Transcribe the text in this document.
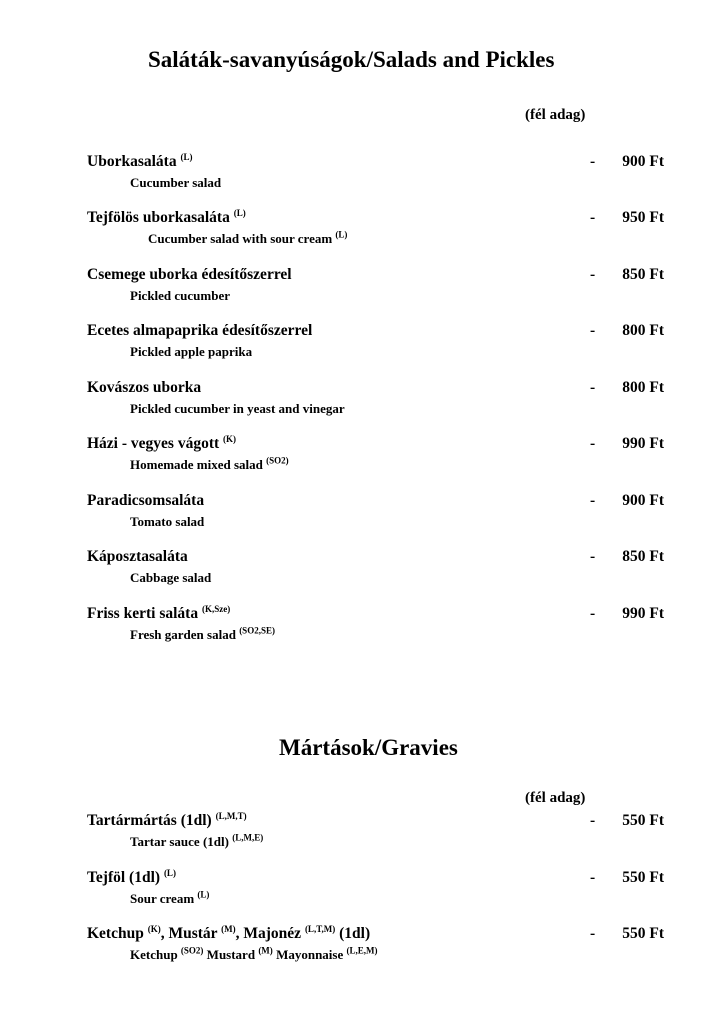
Saláták-savanyúságok/Salads and Pickles
(fél adag)
Uborkasaláta $^{(L)}$
Cucumber salad
-	900 Ft
Tejfölös uborkasaláta $^{(L)}$
Cucumber salad with sour cream $^{(L)}$
-	950 Ft
Csemege uborka édesítőszerrel
Pickled cucumber
-	850 Ft
Ecetes almapaprika édesítőszerrel
Pickled apple paprika
-	800 Ft
Kovászos uborka
Pickled cucumber in yeast and vinegar
-	800 Ft
Házi - vegyes vágott $^{(K)}$
Homemade mixed salad $^{(SO2)}$
-	990 Ft
Paradicsomsaláta
Tomato salad
-	900 Ft
Káposztasaláta
Cabbage salad
-	850 Ft
Friss kerti saláta $^{(K,Sze)}$
Fresh garden salad $^{(SO2,SE)}$
-	990 Ft
Mártások/Gravies
(fél adag)
Tartármártás (1dl) $^{(L,M,T)}$
Tartar sauce (1dl) $^{(L,M,E)}$
-	550 Ft
Tejföl (1dl) $^{(L)}$
Sour cream $^{(L)}$
-	550 Ft
Ketchup $^{(K)}$, Mustár $^{(M)}$, Majonéz $^{(L,T,M)}$ (1dl)
Ketchup $^{(SO2)}$ Mustard $^{(M)}$ Mayonnaise $^{(L,E,M)}$
-	550 Ft
